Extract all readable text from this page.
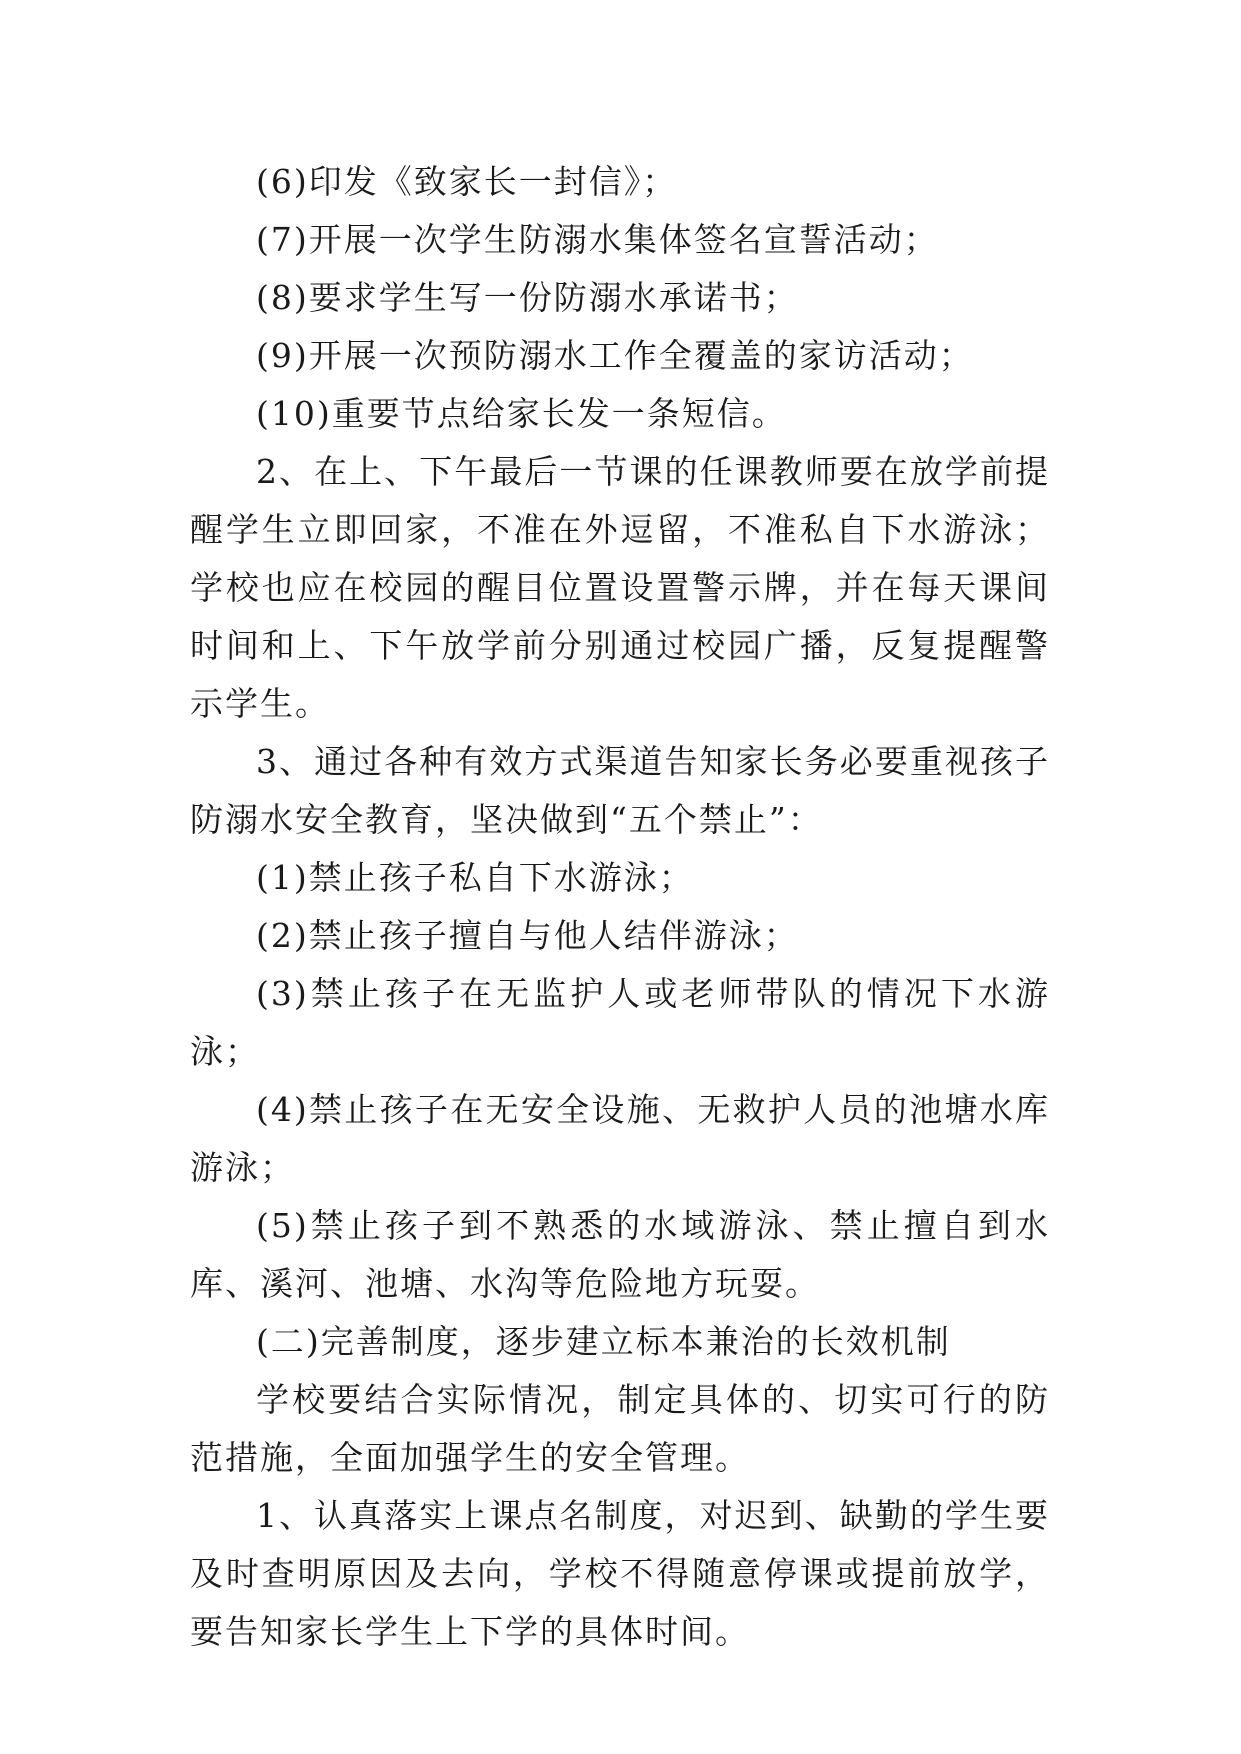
(6)印发《致家长一封信》；

(7)开展一次学生防溺水集体签名宣誓活动；

(8)要求学生写一份防溺水承诺书；

(9)开展一次预防溺水工作全覆盖的家访活动；

(10)重要节点给家长发一条短信。

2、在上、下午最后一节课的任课教师要在放学前提醒学生立即回家，不准在外逗留，不准私自下水游泳；学校也应在校园的醒目位置设置警示牌，并在每天课间时间和上、下午放学前分别通过校园广播，反复提醒警示学生。

3、通过各种有效方式渠道告知家长务必要重视孩子防溺水安全教育，坚决做到“五个禁止”：

(1)禁止孩子私自下水游泳；

(2)禁止孩子擅自与他人结伴游泳；

(3)禁止孩子在无监护人或老师带队的情况下水游泳；

(4)禁止孩子在无安全设施、无救护人员的池塘水库游泳；

(5)禁止孩子到不熟悉的水域游泳、禁止擅自到水库、溪河、池塘、水沟等危险地方玩耍。

(二)完善制度，逐步建立标本兼治的长效机制

学校要结合实际情况，制定具体的、切实可行的防范措施，全面加强学生的安全管理。

1、认真落实上课点名制度，对迟到、缺勤的学生要及时查明原因及去向，学校不得随意停课或提前放学，要告知家长学生上下学的具体时间。
